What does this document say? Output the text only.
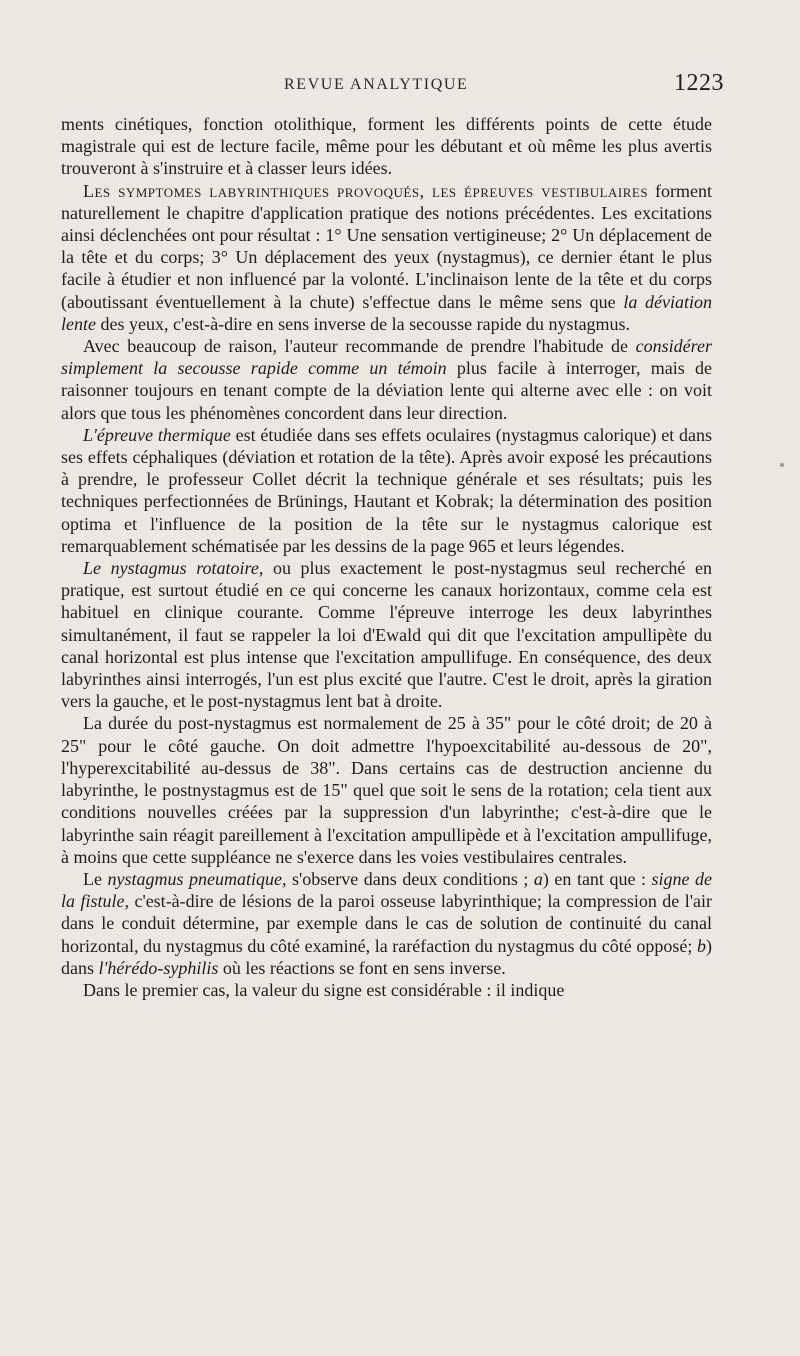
REVUE ANALYTIQUE	1223

ments cinétiques, fonction otolithique, forment les différents points de cette étude magistrale qui est de lecture facile, même pour les débutant et où même les plus avertis trouveront à s'instruire et à classer leurs idées.

Les symptomes labyrinthiques provoqués, les épreuves vestibulaires forment naturellement le chapitre d'application pratique des notions précédentes. Les excitations ainsi déclenchées ont pour résultat : 1° Une sensation vertigineuse; 2° Un déplacement de la tête et du corps; 3° Un déplacement des yeux (nystagmus), ce dernier étant le plus facile à étudier et non influencé par la volonté. L'inclinaison lente de la tête et du corps (aboutissant éventuellement à la chute) s'effectue dans le même sens que la déviation lente des yeux, c'est-à-dire en sens inverse de la secousse rapide du nystagmus.

Avec beaucoup de raison, l'auteur recommande de prendre l'habitude de considérer simplement la secousse rapide comme un témoin plus facile à interroger, mais de raisonner toujours en tenant compte de la déviation lente qui alterne avec elle : on voit alors que tous les phénomènes concordent dans leur direction.

L'épreuve thermique est étudiée dans ses effets oculaires (nystagmus calorique) et dans ses effets céphaliques (déviation et rotation de la tête). Après avoir exposé les précautions à prendre, le professeur Collet décrit la technique générale et ses résultats; puis les techniques perfectionnées de Brünings, Hautant et Kobrak; la détermination des position optima et l'influence de la position de la tête sur le nystagmus calorique est remarquablement schématisée par les dessins de la page 965 et leurs légendes.

Le nystagmus rotatoire, ou plus exactement le post-nystagmus seul recherché en pratique, est surtout étudié en ce qui concerne les canaux horizontaux, comme cela est habituel en clinique courante. Comme l'épreuve interroge les deux labyrinthes simultanément, il faut se rappeler la loi d'Ewald qui dit que l'excitation ampullipète du canal horizontal est plus intense que l'excitation ampullifuge. En conséquence, des deux labyrinthes ainsi interrogés, l'un est plus excité que l'autre. C'est le droit, après la giration vers la gauche, et le post-nystagmus lent bat à droite.

La durée du post-nystagmus est normalement de 25 à 35" pour le côté droit; de 20 à 25" pour le côté gauche. On doit admettre l'hypoexcitabilité au-dessous de 20", l'hyperexcitabilité au-dessus de 38". Dans certains cas de destruction ancienne du labyrinthe, le postnystagmus est de 15" quel que soit le sens de la rotation; cela tient aux conditions nouvelles créées par la suppression d'un labyrinthe; c'est-à-dire que le labyrinthe sain réagit pareillement à l'excitation ampullipède et à l'excitation ampullifuge, à moins que cette suppléance ne s'exerce dans les voies vestibulaires centrales.

Le nystagmus pneumatique, s'observe dans deux conditions ; a) en tant que : signe de la fistule, c'est-à-dire de lésions de la paroi osseuse labyrinthique; la compression de l'air dans le conduit détermine, par exemple dans le cas de solution de continuité du canal horizontal, du nystagmus du côté examiné, la raréfaction du nystagmus du côté opposé; b) dans l'hérédo-syphilis où les réactions se font en sens inverse.

Dans le premier cas, la valeur du signe est considérable : il indique
